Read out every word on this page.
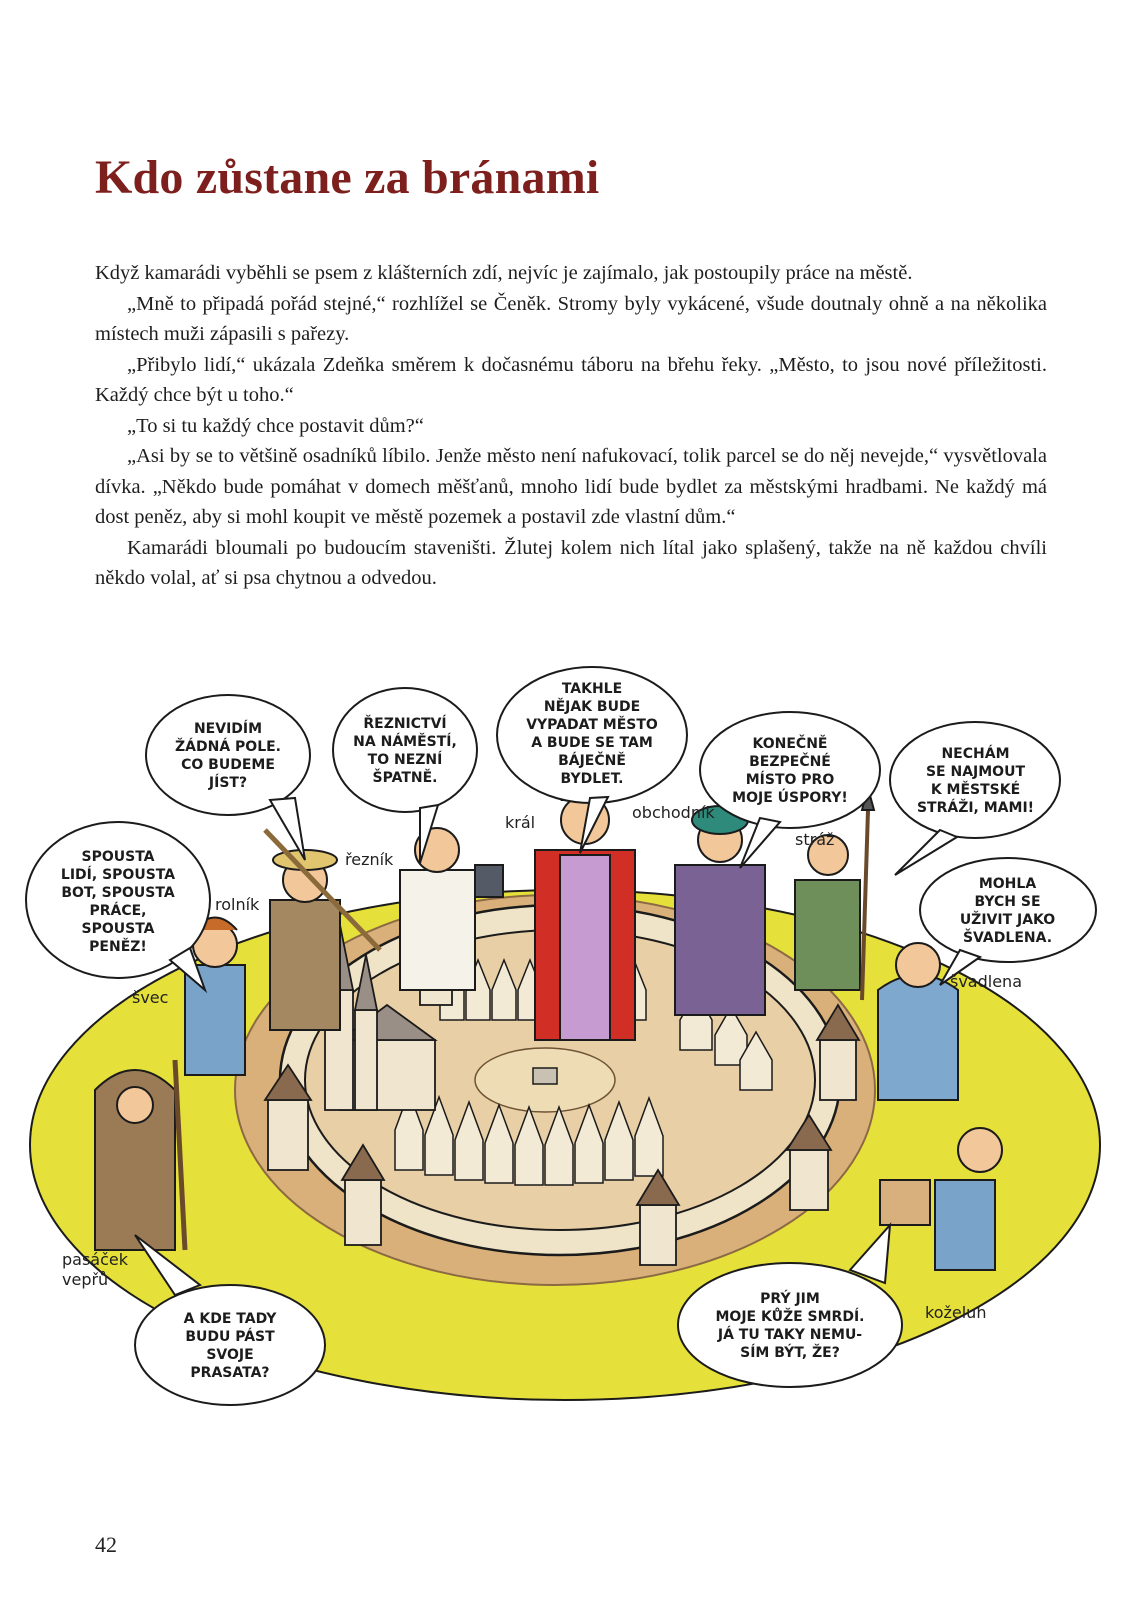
Kdo zůstane za bránami

Když kamarádi vyběhli se psem z klášterních zdí, nejvíc je zajímalo, jak postoupily práce na městě.

„Mně to připadá pořád stejné,“ rozhlížel se Čeněk. Stromy byly vykácené, všude doutnaly ohně a na několika místech muži zápasili s pařezy.

„Přibylo lidí,“ ukázala Zdeňka směrem k dočasnému táboru na břehu řeky. „Město, to jsou nové příležitosti. Každý chce být u toho.“

„To si tu každý chce postavit dům?“

„Asi by se to většině osadníků líbilo. Jenže město není nafukovací, tolik parcel se do něj nevejde,“ vysvětlovala dívka. „Někdo bude pomáhat v domech měšťanů, mnoho lidí bude bydlet za městskými hradbami. Ne každý má dost peněz, aby si mohl koupit ve městě pozemek a postavil zde vlastní dům.“

Kamarádi bloumali po budoucím staveništi. Žlutej kolem nich lítal jako splašený, takže na ně každou chvíli někdo volal, ať si psa chytnou a odvedou.

NEVIDÍM
ŽÁDNÁ POLE.
CO BUDEME
JÍST?
ŘEZNICTVÍ
NA NÁMĚSTÍ,
TO NEZNÍ
ŠPATNĚ.
TAKHLE
NĚJAK BUDE
VYPADAT MĚSTO
A BUDE SE TAM
BÁJEČNĚ
BYDLET.
KONEČNĚ
BEZPEČNÉ
MÍSTO PRO
MOJE ÚSPORY!
NECHÁM
SE NAJMOUT
K MĚSTSKÉ
STRÁŽI, MAMI!
MOHLA
BYCH SE
UŽIVIT JAKO
ŠVADLENA.
SPOUSTA
LIDÍ, SPOUSTA
BOT, SPOUSTA
PRÁCE,
SPOUSTA
PENĚZ!
A KDE TADY
BUDU PÁST
SVOJE
PRASATA?
PRÝ JIM
MOJE KŮŽE SMRDÍ.
JÁ TU TAKY NEMU-
SÍM BÝT, ŽE?
rolník
řezník
král
obchodník
stráž
švadlena
švec
pasáček
vepřů
koželuh
42
